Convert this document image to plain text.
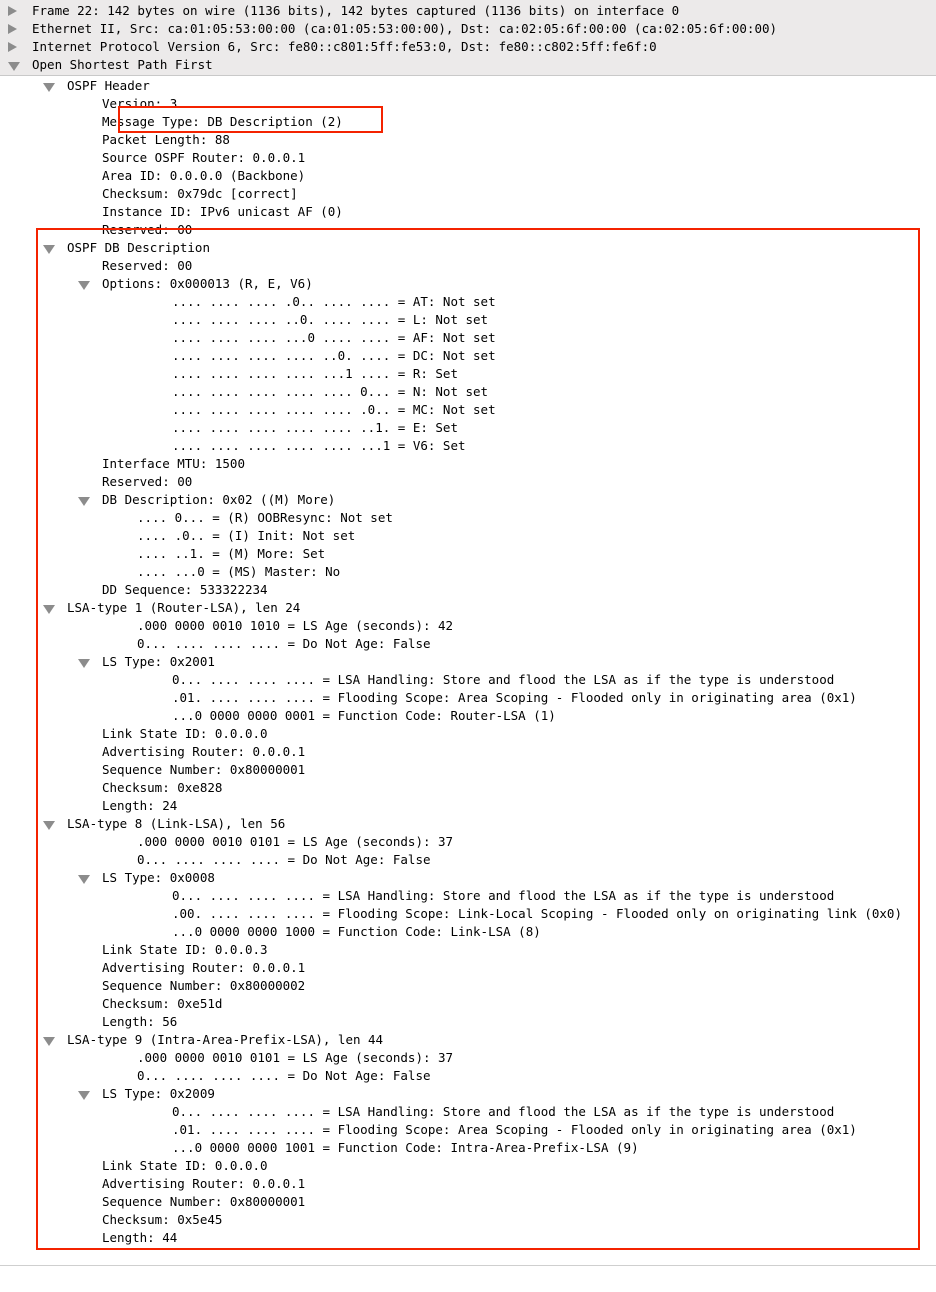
Frame 22: 142 bytes on wire (1136 bits), 142 bytes captured (1136 bits) on interface 0
Ethernet II, Src: ca:01:05:53:00:00 (ca:01:05:53:00:00), Dst: ca:02:05:6f:00:00 (ca:02:05:6f:00:00)
Internet Protocol Version 6, Src: fe80::c801:5ff:fe53:0, Dst: fe80::c802:5ff:fe6f:0
Open Shortest Path First
OSPF Header
Version: 3
Message Type: DB Description (2)
Packet Length: 88
Source OSPF Router: 0.0.0.1
Area ID: 0.0.0.0 (Backbone)
Checksum: 0x79dc [correct]
Instance ID: IPv6 unicast AF (0)
Reserved: 00
OSPF DB Description
Reserved: 00
Options: 0x000013 (R, E, V6)
.... .... .... .0.. .... .... = AT: Not set
.... .... .... ..0. .... .... = L: Not set
.... .... .... ...0 .... .... = AF: Not set
.... .... .... .... ..0. .... = DC: Not set
.... .... .... .... ...1 .... = R: Set
.... .... .... .... .... 0... = N: Not set
.... .... .... .... .... .0.. = MC: Not set
.... .... .... .... .... ..1. = E: Set
.... .... .... .... .... ...1 = V6: Set
Interface MTU: 1500
Reserved: 00
DB Description: 0x02 ((M) More)
.... 0... = (R) OOBResync: Not set
.... .0.. = (I) Init: Not set
.... ..1. = (M) More: Set
.... ...0 = (MS) Master: No
DD Sequence: 533322234
LSA-type 1 (Router-LSA), len 24
.000 0000 0010 1010 = LS Age (seconds): 42
0... .... .... .... = Do Not Age: False
LS Type: 0x2001
0... .... .... .... = LSA Handling: Store and flood the LSA as if the type is understood
.01. .... .... .... = Flooding Scope: Area Scoping - Flooded only in originating area (0x1)
...0 0000 0000 0001 = Function Code: Router-LSA (1)
Link State ID: 0.0.0.0
Advertising Router: 0.0.0.1
Sequence Number: 0x80000001
Checksum: 0xe828
Length: 24
LSA-type 8 (Link-LSA), len 56
.000 0000 0010 0101 = LS Age (seconds): 37
0... .... .... .... = Do Not Age: False
LS Type: 0x0008
0... .... .... .... = LSA Handling: Store and flood the LSA as if the type is understood
.00. .... .... .... = Flooding Scope: Link-Local Scoping - Flooded only on originating link (0x0)
...0 0000 0000 1000 = Function Code: Link-LSA (8)
Link State ID: 0.0.0.3
Advertising Router: 0.0.0.1
Sequence Number: 0x80000002
Checksum: 0xe51d
Length: 56
LSA-type 9 (Intra-Area-Prefix-LSA), len 44
.000 0000 0010 0101 = LS Age (seconds): 37
0... .... .... .... = Do Not Age: False
LS Type: 0x2009
0... .... .... .... = LSA Handling: Store and flood the LSA as if the type is understood
.01. .... .... .... = Flooding Scope: Area Scoping - Flooded only in originating area (0x1)
...0 0000 0000 1001 = Function Code: Intra-Area-Prefix-LSA (9)
Link State ID: 0.0.0.0
Advertising Router: 0.0.0.1
Sequence Number: 0x80000001
Checksum: 0x5e45
Length: 44
